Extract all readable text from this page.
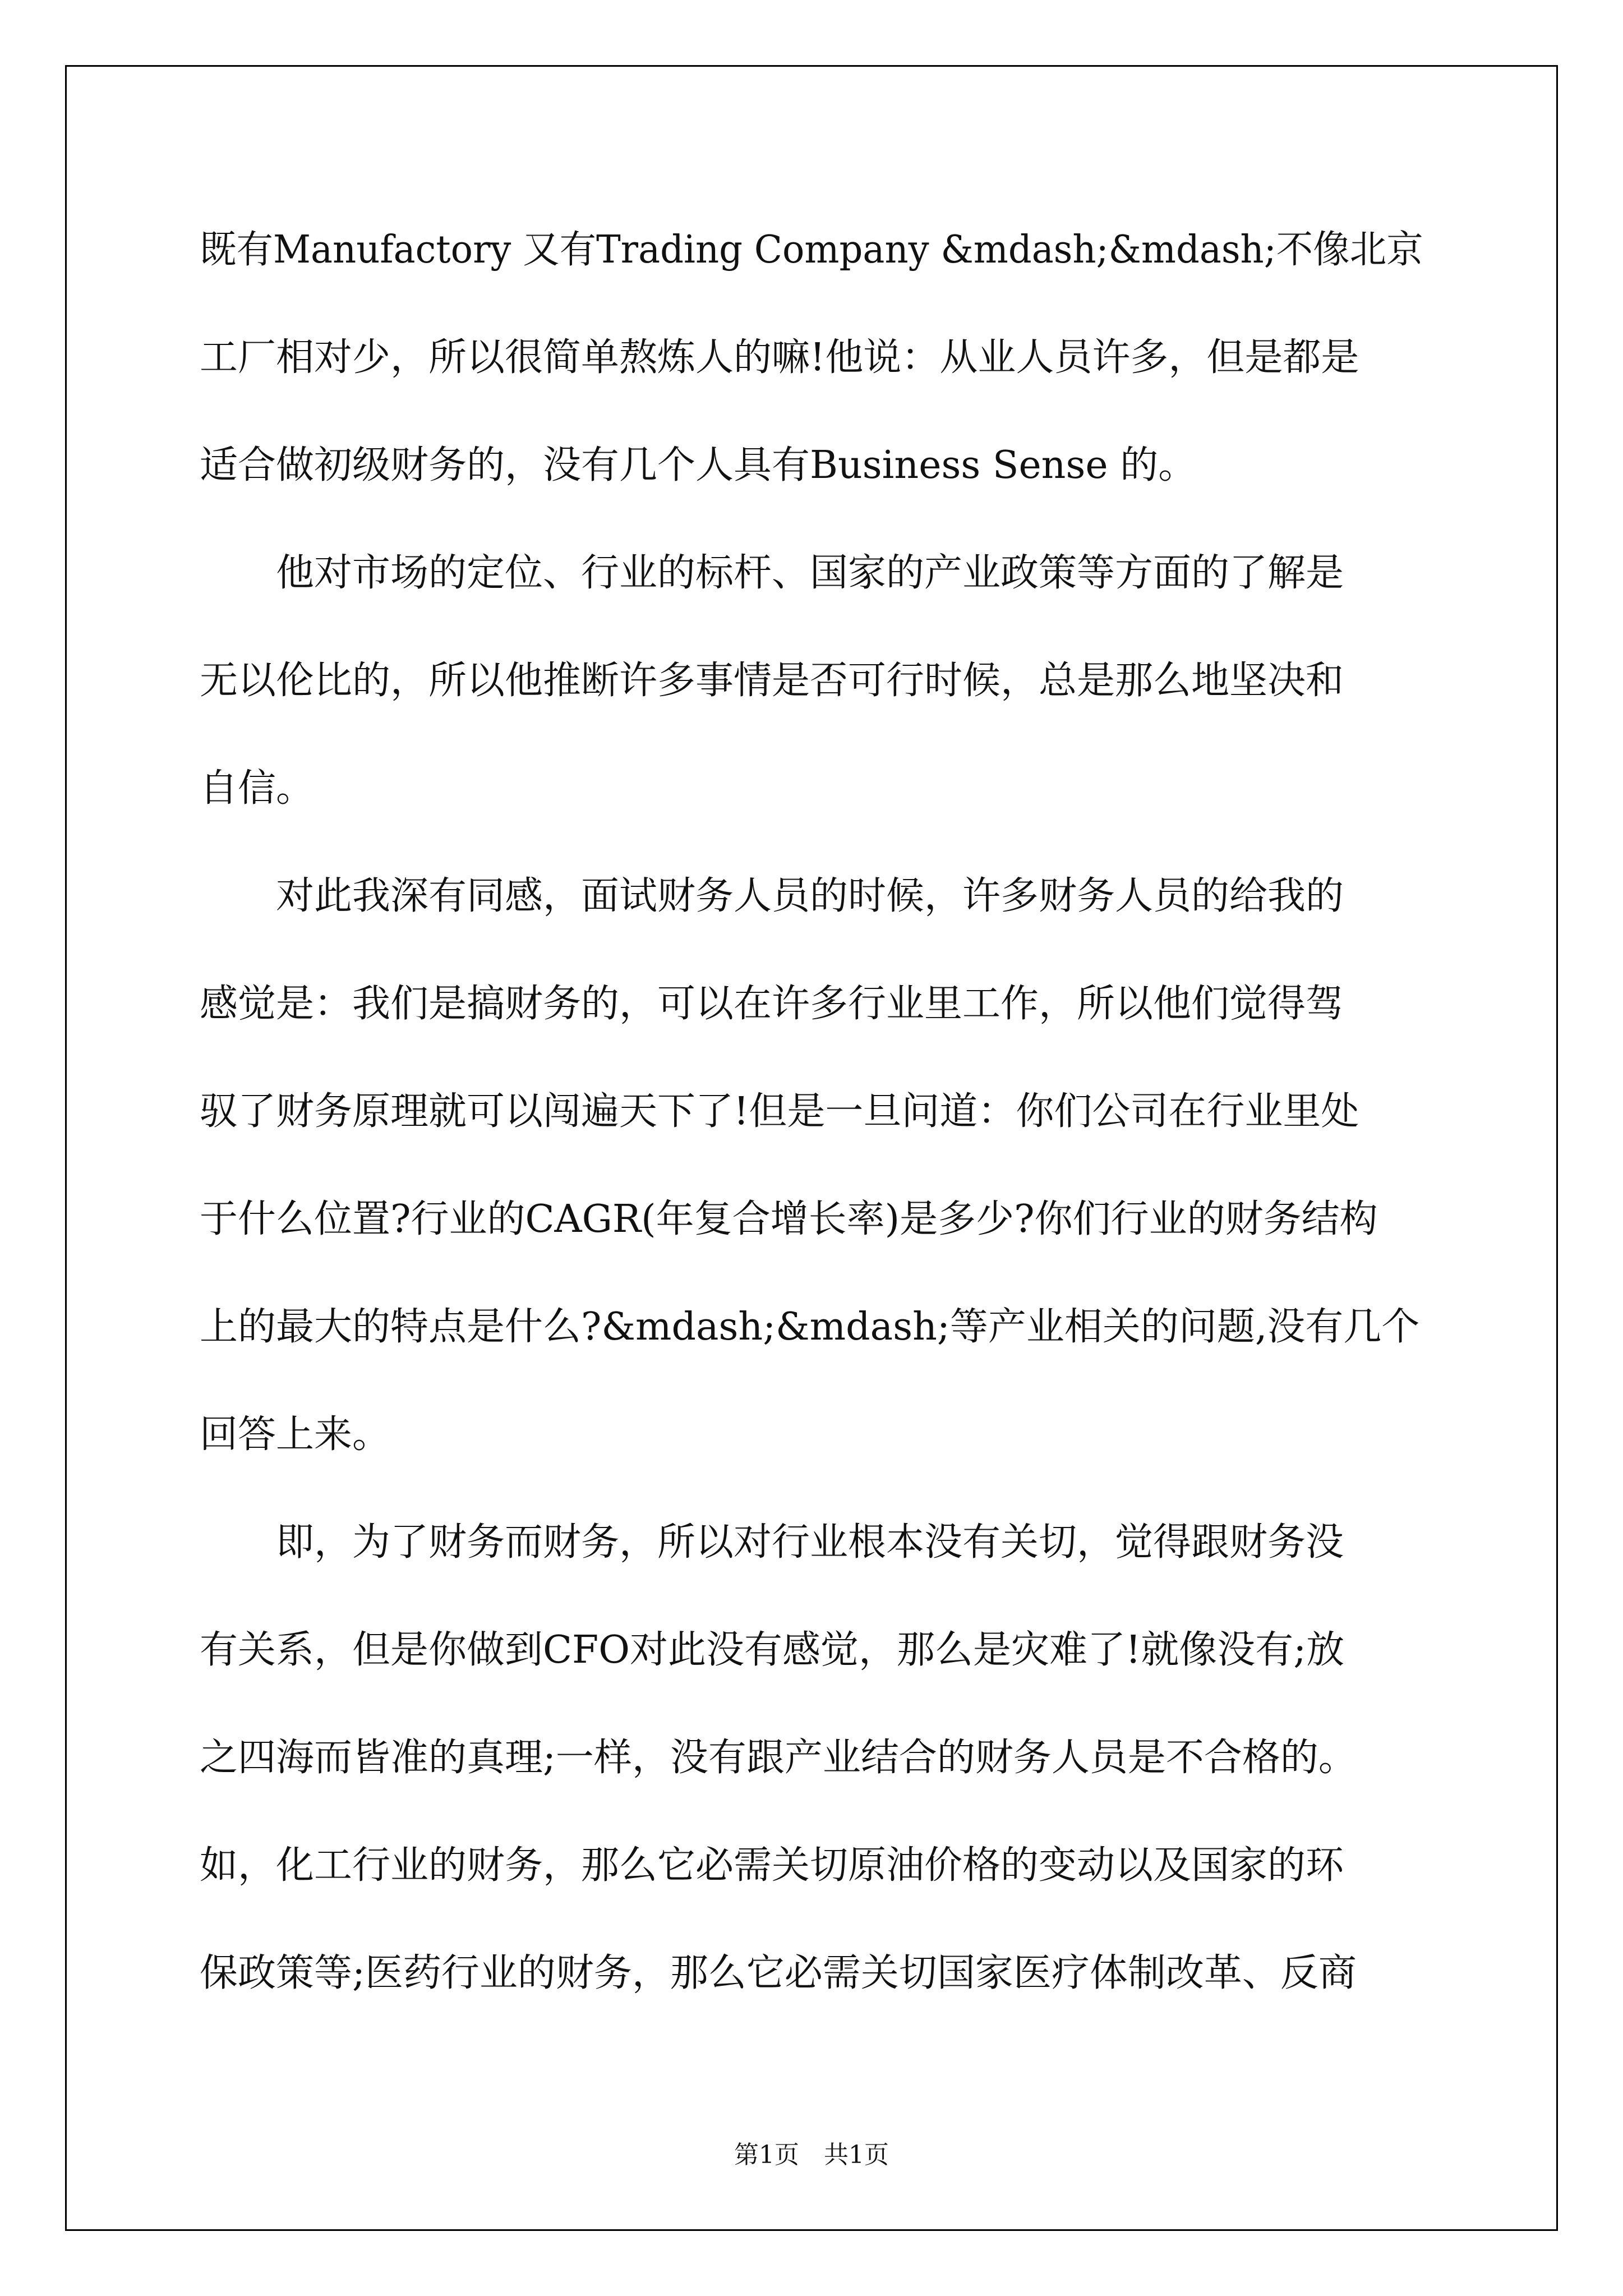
既有Manufactory 又有Trading Company &mdash;&mdash;不像北京

工厂相对少，所以很简单熬炼人的嘛!他说：从业人员许多，但是都是

适合做初级财务的，没有几个人具有Business Sense 的。

　　他对市场的定位、行业的标杆、国家的产业政策等方面的了解是

无以伦比的，所以他推断许多事情是否可行时候，总是那么地坚决和

自信。

　　对此我深有同感，面试财务人员的时候，许多财务人员的给我的

感觉是：我们是搞财务的，可以在许多行业里工作，所以他们觉得驾

驭了财务原理就可以闯遍天下了!但是一旦问道：你们公司在行业里处

于什么位置?行业的CAGR(年复合增长率)是多少?你们行业的财务结构

上的最大的特点是什么?&mdash;&mdash;等产业相关的问题,没有几个

回答上来。

　　即，为了财务而财务，所以对行业根本没有关切，觉得跟财务没

有关系，但是你做到CFO对此没有感觉，那么是灾难了!就像没有;放

之四海而皆准的真理;一样，没有跟产业结合的财务人员是不合格的。

如，化工行业的财务，那么它必需关切原油价格的变动以及国家的环

保政策等;医药行业的财务，那么它必需关切国家医疗体制改革、反商

第1页　共1页
